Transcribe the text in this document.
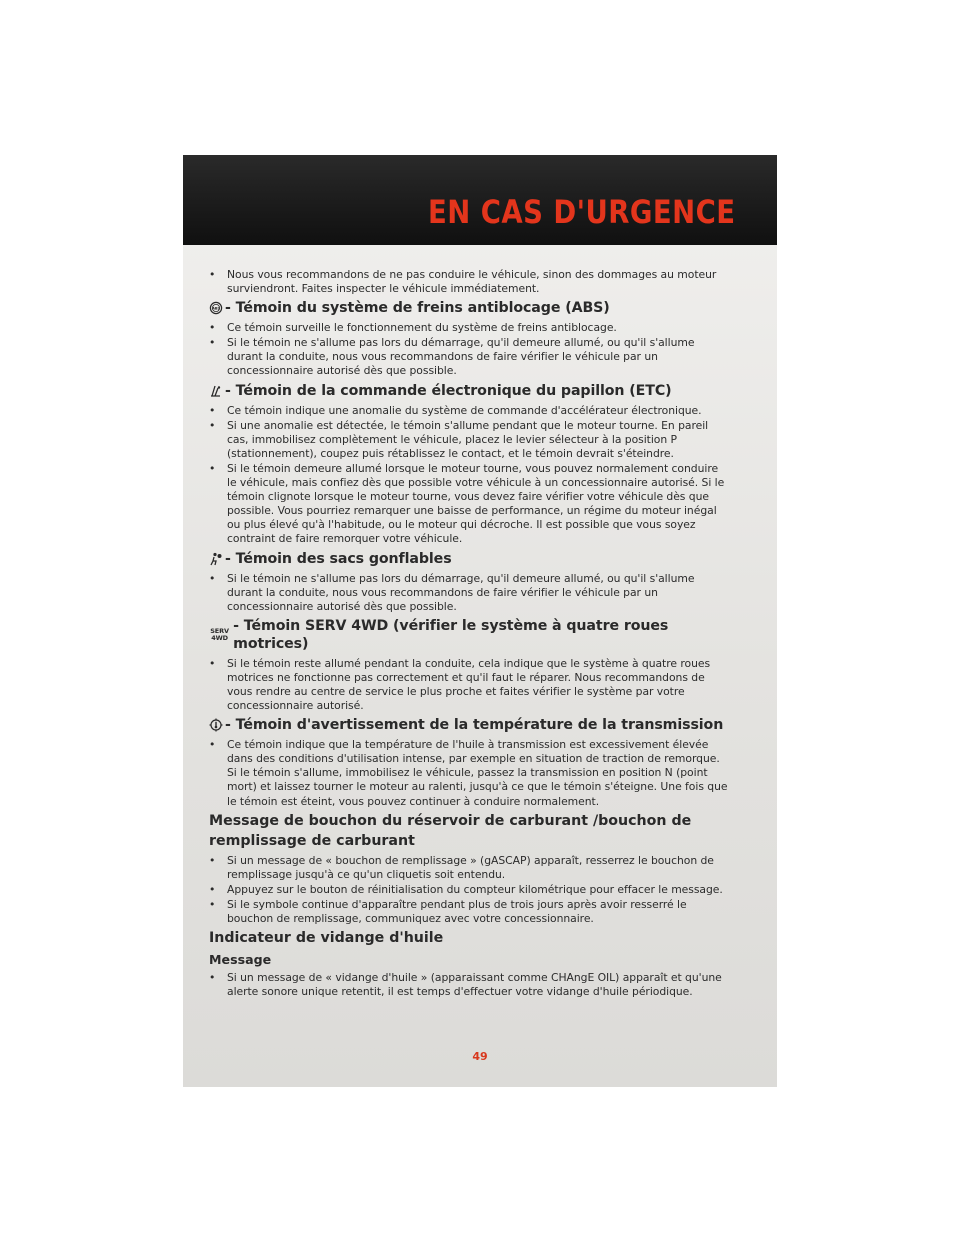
EN CAS D'URGENCE
• Nous vous recommandons de ne pas conduire le véhicule, sinon des dommages au moteur surviendront. Faites inspecter le véhicule immédiatement.
ABS - Témoin du système de freins antiblocage (ABS)
• Ce témoin surveille le fonctionnement du système de freins antiblocage.
• Si le témoin ne s'allume pas lors du démarrage, qu'il demeure allumé, ou qu'il s'allume durant la conduite, nous vous recommandons de faire vérifier le véhicule par un concessionnaire autorisé dès que possible.
- Témoin de la commande électronique du papillon (ETC)
• Ce témoin indique une anomalie du système de commande d'accélérateur électronique.
• Si une anomalie est détectée, le témoin s'allume pendant que le moteur tourne. En pareil cas, immobilisez complètement le véhicule, placez le levier sélecteur à la position P (stationnement), coupez puis rétablissez le contact, et le témoin devrait s'éteindre.
• Si le témoin demeure allumé lorsque le moteur tourne, vous pouvez normalement conduire le véhicule, mais confiez dès que possible votre véhicule à un concessionnaire autorisé. Si le témoin clignote lorsque le moteur tourne, vous devez faire vérifier votre véhicule dès que possible. Vous pourriez remarquer une baisse de performance, un régime du moteur inégal ou plus élevé qu'à l'habitude, ou le moteur qui décroche. Il est possible que vous soyez contraint de faire remorquer votre véhicule.
- Témoin des sacs gonflables
• Si le témoin ne s'allume pas lors du démarrage, qu'il demeure allumé, ou qu'il s'allume durant la conduite, nous vous recommandons de faire vérifier le véhicule par un concessionnaire autorisé dès que possible.
SERV
4WD
- Témoin SERV 4WD (vérifier le système à quatre roues motrices)
• Si le témoin reste allumé pendant la conduite, cela indique que le système à quatre roues motrices ne fonctionne pas correctement et qu'il faut le réparer. Nous recommandons de vous rendre au centre de service le plus proche et faites vérifier le système par votre concessionnaire autorisé.
- Témoin d'avertissement de la température de la transmission
• Ce témoin indique que la température de l'huile à transmission est excessivement élevée dans des conditions d'utilisation intense, par exemple en situation de traction de remorque. Si le témoin s'allume, immobilisez le véhicule, passez la transmission en position N (point mort) et laissez tourner le moteur au ralenti, jusqu'à ce que le témoin s'éteigne. Une fois que le témoin est éteint, vous pouvez continuer à conduire normalement.
Message de bouchon du réservoir de carburant /bouchon de remplissage de carburant
• Si un message de « bouchon de remplissage » (gASCAP) apparaît, resserrez le bouchon de remplissage jusqu'à ce qu'un cliquetis soit entendu.
• Appuyez sur le bouton de réinitialisation du compteur kilométrique pour effacer le message.
• Si le symbole continue d'apparaître pendant plus de trois jours après avoir resserré le bouchon de remplissage, communiquez avec votre concessionnaire.
Indicateur de vidange d'huile
Message
• Si un message de « vidange d'huile » (apparaissant comme CHAngE OIL) apparaît et qu'une alerte sonore unique retentit, il est temps d'effectuer votre vidange d'huile périodique.
49
